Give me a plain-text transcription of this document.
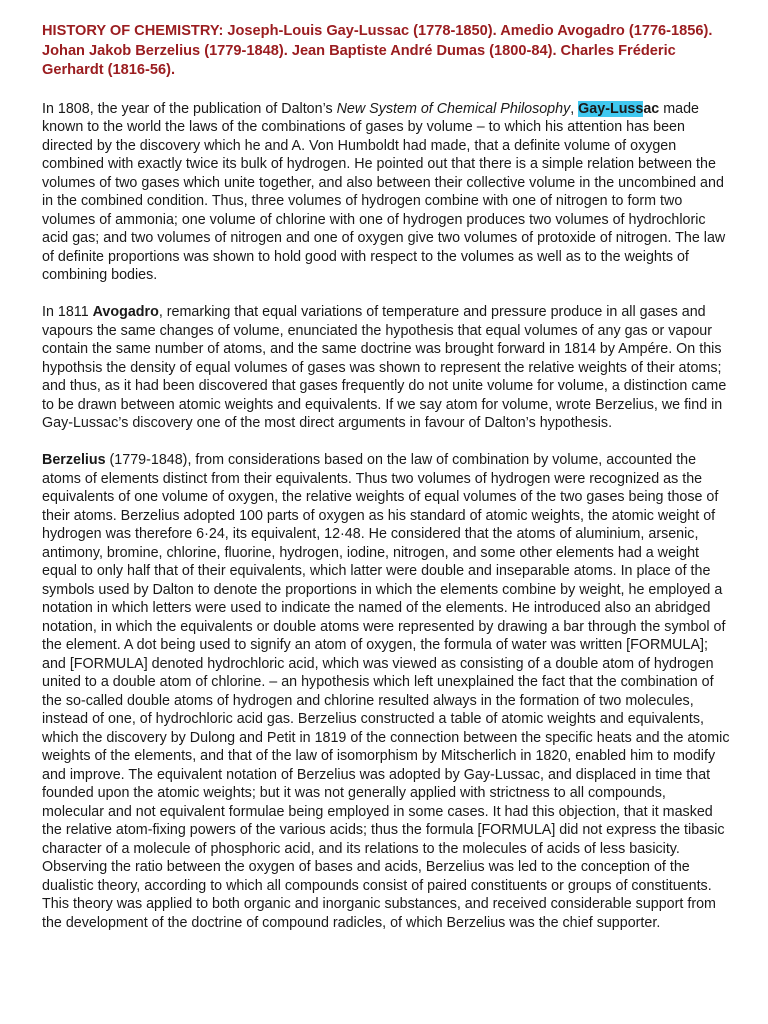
HISTORY OF CHEMISTRY: Joseph-Louis Gay-Lussac (1778-1850). Amedio Avogadro (1776-1856). Johan Jakob Berzelius (1779-1848). Jean Baptiste André Dumas (1800-84). Charles Fréderic Gerhardt (1816-56).

In 1808, the year of the publication of Dalton’s New System of Chemical Philosophy, Gay-Lussac made known to the world the laws of the combinations of gases by volume – to which his attention has been directed by the discovery which he and A. Von Humboldt had made, that a definite volume of oxygen combined with exactly twice its bulk of hydrogen. He pointed out that there is a simple relation between the volumes of two gases which unite together, and also between their collective volume in the uncombined and in the combined condition. Thus, three volumes of hydrogen combine with one of nitrogen to form two volumes of ammonia; one volume of chlorine with one of hydrogen produces two volumes of hydrochloric acid gas; and two volumes of nitrogen and one of oxygen give two volumes of protoxide of nitrogen. The law of definite proportions was shown to hold good with respect to the volumes as well as to the weights of combining bodies.

In 1811 Avogadro, remarking that equal variations of temperature and pressure produce in all gases and vapours the same changes of volume, enunciated the hypothesis that equal volumes of any gas or vapour contain the same number of atoms, and the same doctrine was brought forward in 1814 by Ampére. On this hypothsis the density of equal volumes of gases was shown to represent the relative weights of their atoms; and thus, as it had been discovered that gases frequently do not unite volume for volume, a distinction came to be drawn between atomic weights and equivalents. If we say atom for volume, wrote Berzelius, we find in Gay-Lussac’s discovery one of the most direct arguments in favour of Dalton’s hypothesis.

Berzelius (1779-1848), from considerations based on the law of combination by volume, accounted the atoms of elements distinct from their equivalents. Thus two volumes of hydrogen were recognized as the equivalents of one volume of oxygen, the relative weights of equal volumes of the two gases being those of their atoms. Berzelius adopted 100 parts of oxygen as his standard of atomic weights, the atomic weight of hydrogen was therefore 6·24, its equivalent, 12·48. He considered that the atoms of aluminium, arsenic, antimony, bromine, chlorine, fluorine, hydrogen, iodine, nitrogen, and some other elements had a weight equal to only half that of their equivalents, which latter were double and inseparable atoms. In place of the symbols used by Dalton to denote the proportions in which the elements combine by weight, he employed a notation in which letters were used to indicate the named of the elements. He introduced also an abridged notation, in which the equivalents or double atoms were represented by drawing a bar through the symbol of the element. A dot being used to signify an atom of oxygen, the formula of water was written [FORMULA]; and [FORMULA] denoted hydrochloric acid, which was viewed as consisting of a double atom of hydrogen united to a double atom of chlorine. – an hypothesis which left unexplained the fact that the combination of the so-called double atoms of hydrogen and chlorine resulted always in the formation of two molecules, instead of one, of hydrochloric acid gas. Berzelius constructed a table of atomic weights and equivalents, which the discovery by Dulong and Petit in 1819 of the connection between the specific heats and the atomic weights of the elements, and that of the law of isomorphism by Mitscherlich in 1820, enabled him to modify and improve. The equivalent notation of Berzelius was adopted by Gay-Lussac, and displaced in time that founded upon the atomic weights; but it was not generally applied with strictness to all compounds, molecular and not equivalent formulae being employed in some cases. It had this objection, that it masked the relative atom-fixing powers of the various acids; thus the formula [FORMULA] did not express the tibasic character of a molecule of phosphoric acid, and its relations to the molecules of acids of less basicity. Observing the ratio between the oxygen of bases and acids, Berzelius was led to the conception of the dualistic theory, according to which all compounds consist of paired constituents or groups of constituents. This theory was applied to both organic and inorganic substances, and received considerable support from the development of the doctrine of compound radicles, of which Berzelius was the chief supporter.
